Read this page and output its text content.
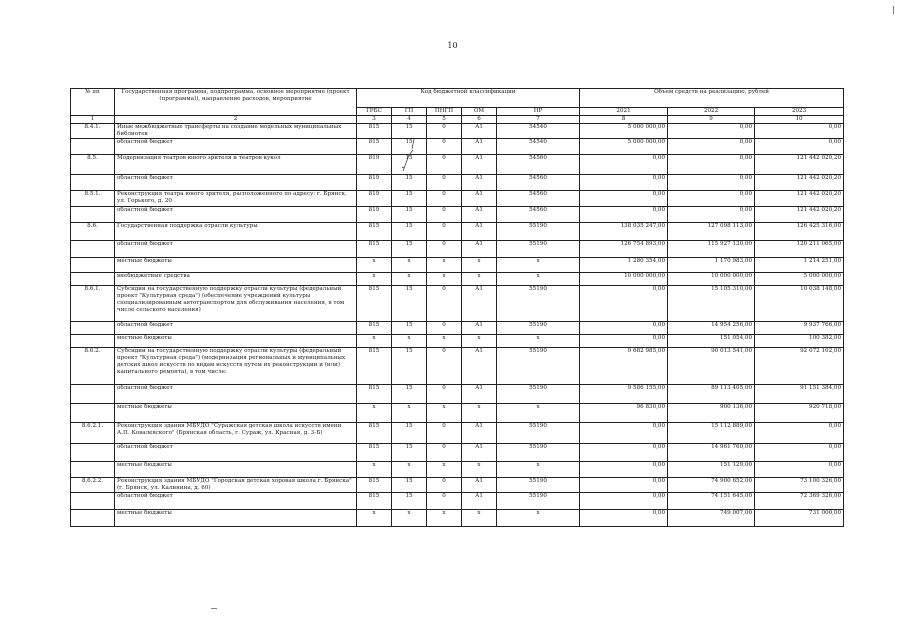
10
№ пп	Государственная программа, подпрограмма, основное мероприятие (проект (программа)), направление расходов, мероприятие	Код бюджетной классификации					Объем средств на реализацию, рублей		
		ГРБС	ГП	ПНГП	ОМ	НР	2021	2022	2023
1	2	3	4	5	6	7	8	9	10
8.4.1.	Иные межбюджетные трансферты на создание модельных муниципальных библиотек	815	15	0	А1	54540	5 000 000,00	0,00	0,00
	областной бюджет	815	15	0	А1	54540	5 000 000,00	0,00	0,00
8.5.	Модернизация театров юного зрителя и театров кукол	819	15	0	А1	54560	0,00	0,00	121 442 020,20
	областной бюджет	819	15	0	А1	54560	0,00	0,00	121 442 020,20
8.5.1.	Реконструкция театра юного зрителя, расположенного по адресу: г. Брянск, ул. Горького, д. 20	819	15	0	А1	54560	0,00	0,00	121 442 020,20
	областной бюджет	819	15	0	А1	54560	0,00	0,00	121 442 020,20
8.6.	Государственная поддержка отрасли культуры	815	15	0	А1	55190	138 035 247,00	127 098 113,00	126 425 316,00
	областной бюджет	815	15	0	А1	55190	126 754 893,00	115 927 130,00	120 211 065,00
	местные бюджеты	х	х	х	х	х	1 280 354,00	1 170 983,00	1 214 251,00
	внебюджетные средства	х	х	х	х	х	10 000 000,00	10 000 000,00	5 000 000,00
8.6.1.	Субсидии на государственную поддержку отрасли культуры (федеральный проект "Культурная среда") (обеспечение учреждений культуры специализированным автотранспортом для обслуживания населения, в том числе сельского населения)	815	15	0	А1	55190	0,00	15 105 310,00	10 038 148,00
	областной бюджет	815	15	0	А1	55190	0,00	14 954 256,00	9 937 766,00
	местные бюджеты	х	х	х	х	х	0,00	151 054,00	100 382,00
8.6.2.	Субсидии на государственную поддержку отрасли культуры (федеральный проект "Культурная среда") (модернизация региональных и муниципальных детских школ искусств по видам искусств путем их реконструкции и (или) капитального ремонта), в том числе:	815	15	0	А1	55190	9 682 985,00	90 013 541,00	92 072 102,00
	областной бюджет	815	15	0	А1	55190	9 586 155,00	89 113 405,00	91 151 384,00
	местные бюджеты	х	х	х	х	х	96 830,00	900 136,00	920 718,00
8.6.2.1.	Реконструкция здания МБУДО "Суражская детская школа искусств имени А.П. Ковалевского" (Брянская область, г. Сураж, ул. Красная, д. 3-Б)	815	15	0	А1	55190	0,00	15 112 889,00	0,00
	областной бюджет	815	15	0	А1	55190	0,00	14 961 760,00	0,00
	местные бюджеты	х	х	х	х	х	0,00	151 129,00	0,00
8.6.2.2.	Реконструкция здания МБУДО "Городская детская хоровая школа г. Брянска" (г. Брянск, ул. Калинина, д. 60)	815	15	0	А1	55190	0,00	74 900 652,00	73 100 326,00
	областной бюджет	815	15	0	А1	55190	0,00	74 151 645,00	72 369 326,00
	местные бюджеты	х	х	х	х	х	0,00	749 007,00	731 000,00
